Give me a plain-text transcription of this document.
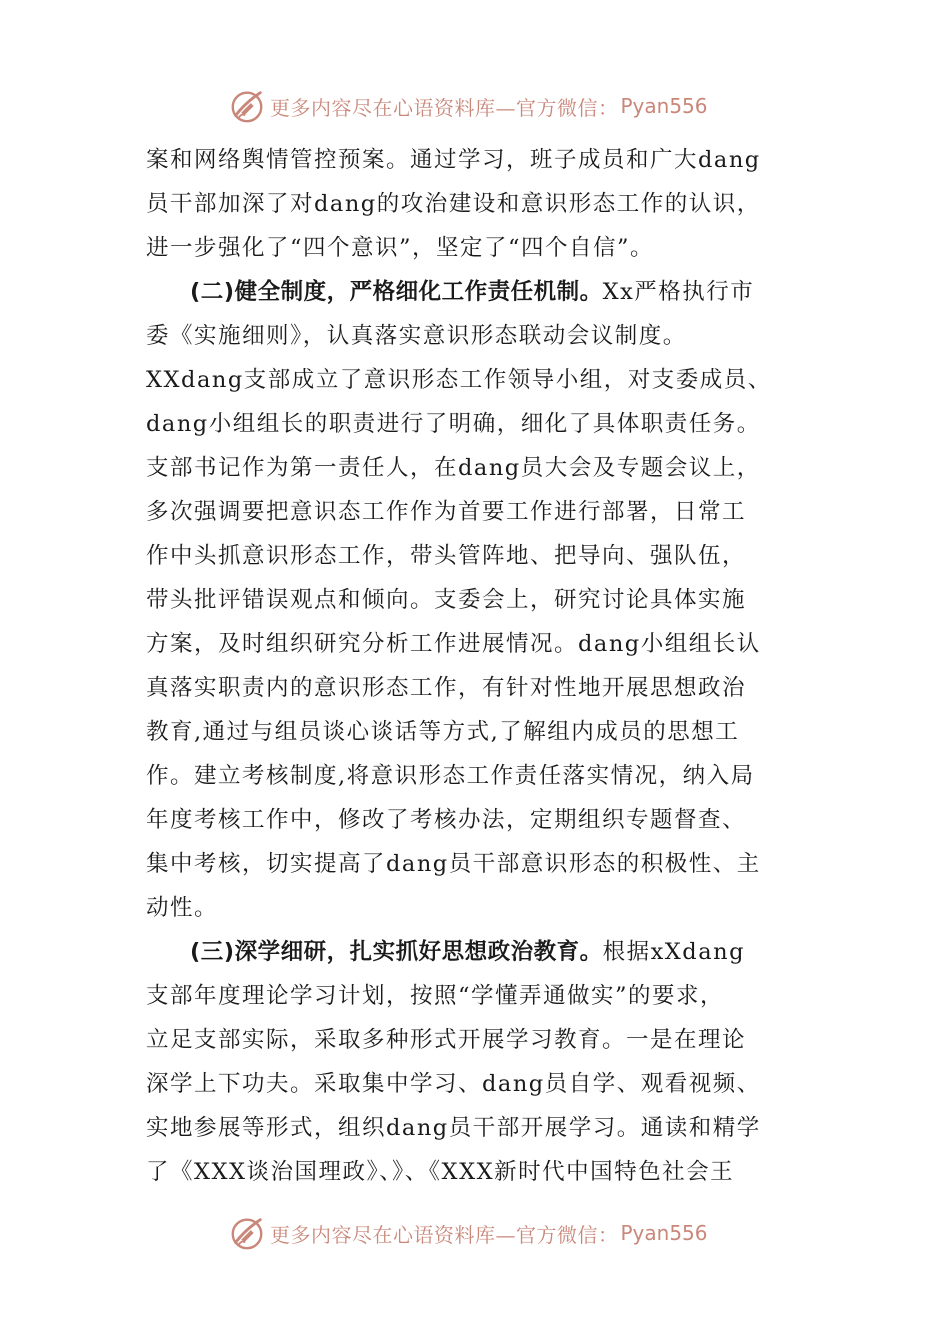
更多内容尽在心语资料库—官方微信： Pyan556
案和网络舆情管控预案。通过学习，班子成员和广大dang
员干部加深了对dang的攻治建设和意识形态工作的认识，
进一步强化了“四个意识”，坚定了“四个自信”。
(二)健全制度，严格细化工作责任机制。Xx严格执行市
委《实施细则》，认真落实意识形态联动会议制度。
XXdang支部成立了意识形态工作领导小组，对支委成员、
dang小组组长的职责进行了明确，细化了具体职责任务。
支部书记作为第一责任人，在dang员大会及专题会议上，
多次强调要把意识态工作作为首要工作进行部署，日常工
作中头抓意识形态工作，带头管阵地、把导向、强队伍，
带头批评错误观点和倾向。支委会上，研究讨论具体实施
方案，及时组织研究分析工作进展情况。dang小组组长认
真落实职责内的意识形态工作，有针对性地开展思想政治
教育,通过与组员谈心谈话等方式,了解组内成员的思想工
作。建立考核制度,将意识形态工作责任落实情况，纳入局
年度考核工作中，修改了考核办法，定期组织专题督查、
集中考核，切实提高了dang员干部意识形态的积极性、主
动性。
(三)深学细研，扎实抓好思想政治教育。根据xXdang
支部年度理论学习计划，按照“学懂弄通做实”的要求，
立足支部实际，采取多种形式开展学习教育。一是在理论
深学上下功夫。采取集中学习、dang员自学、观看视频、
实地参展等形式，组织dang员干部开展学习。通读和精学
了《XXX谈治国理政》、》、《XXX新时代中国特色社会王
更多内容尽在心语资料库—官方微信： Pyan556
